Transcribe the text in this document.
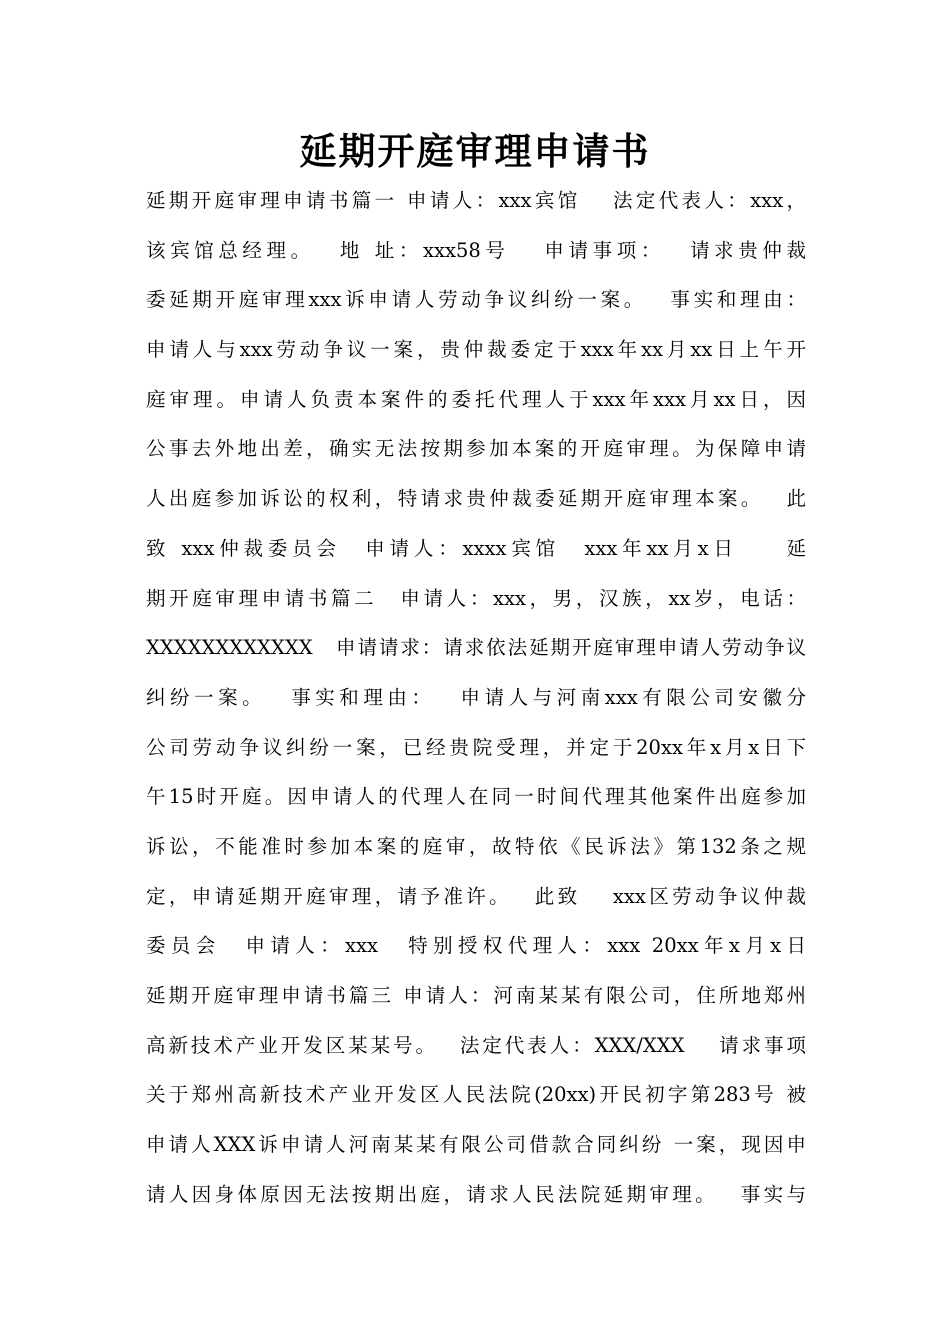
延期开庭审理申请书
延期开庭审理申请书篇一 申请人：xxx宾馆　 法定代表人：xxx，
该宾馆总经理。　 地 址：xxx58号　 申请事项：　 请求贵仲裁
委延期开庭审理xxx诉申请人劳动争议纠纷一案。　 事实和理由：
申请人与xxx劳动争议一案，贵仲裁委定于xxx年xx月xx日上午开
庭审理。申请人负责本案件的委托代理人于xxx年xxx月xx日，因
公事去外地出差，确实无法按期参加本案的开庭审理。为保障申请
人出庭参加诉讼的权利，特请求贵仲裁委延期开庭审理本案。　 此
致 xxx仲裁委员会　申请人：xxxx宾馆　xxx年xx月x日　　延
期开庭审理申请书篇二　申请人：xxx，男，汉族，xx岁，电话：
XXXXXXXXXXXX　申请请求：请求依法延期开庭审理申请人劳动争议
纠纷一案。　 事实和理由：　 申请人与河南xxx有限公司安徽分
公司劳动争议纠纷一案，已经贵院受理，并定于20xx年x月x日下
午15时开庭。因申请人的代理人在同一时间代理其他案件出庭参加
诉讼，不能准时参加本案的庭审，故特依《民诉法》第132条之规
定，申请延期开庭审理，请予准许。　 此致　 xxx区劳动争议仲裁
委员会　申请人：xxx　特别授权代理人：xxx 20xx年x月x日
延期开庭审理申请书篇三 申请人：河南某某有限公司，住所地郑州
高新技术产业开发区某某号。　 法定代表人：XXX/XXX　 请求事项
关于郑州高新技术产业开发区人民法院(20xx)开民初字第283号 被
申请人XXX诉申请人河南某某有限公司借款合同纠纷 一案，现因申
请人因身体原因无法按期出庭，请求人民法院延期审理。　 事实与
